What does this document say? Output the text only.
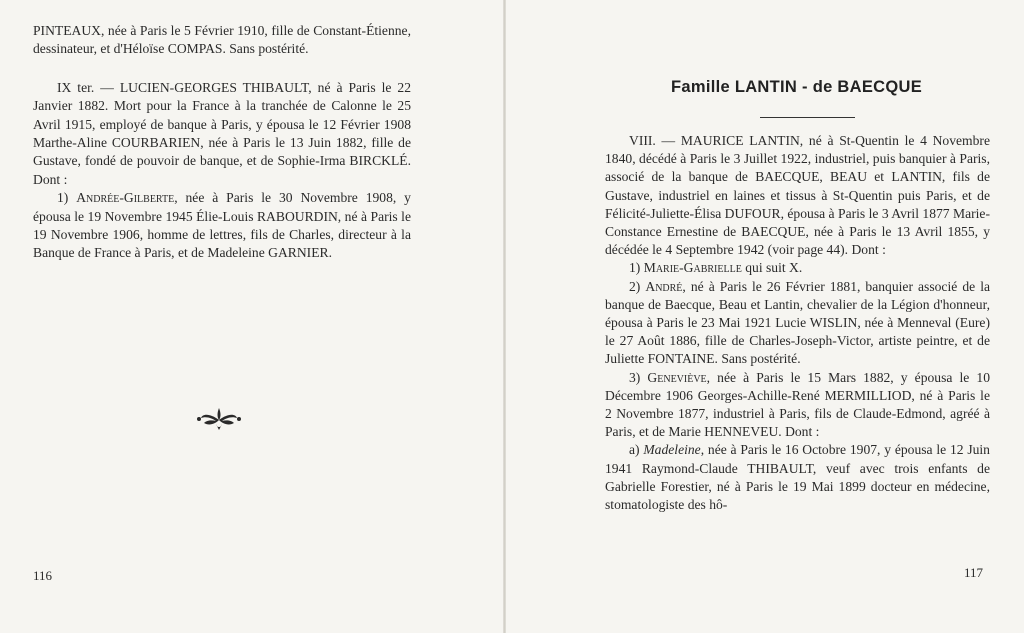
PINTEAUX, née à Paris le 5 Février 1910, fille de Constant-Étienne, dessinateur, et d'Héloïse COMPAS. Sans postérité.

IX ter. — LUCIEN-GEORGES THIBAULT, né à Paris le 22 Janvier 1882. Mort pour la France à la tranchée de Calonne le 25 Avril 1915, employé de banque à Paris, y épousa le 12 Février 1908 Marthe-Aline COURBARIEN, née à Paris le 13 Juin 1882, fille de Gustave, fondé de pouvoir de banque, et de Sophie-Irma BIRCKLÉ. Dont :

1) Andrée-Gilberte, née à Paris le 30 Novembre 1908, y épousa le 19 Novembre 1945 Élie-Louis RABOURDIN, né à Paris le 19 Novembre 1906, homme de lettres, fils de Charles, directeur à la Banque de France à Paris, et de Madeleine GARNIER.

116
Famille LANTIN - de BAECQUE

VIII. — MAURICE LANTIN, né à St-Quentin le 4 Novembre 1840, décédé à Paris le 3 Juillet 1922, industriel, puis banquier à Paris, associé de la banque de BAECQUE, BEAU et LANTIN, fils de Gustave, industriel en laines et tissus à St-Quentin puis Paris, et de Félicité-Juliette-Élisa DUFOUR, épousa à Paris le 3 Avril 1877 Marie-Constance Ernestine de BAECQUE, née à Paris le 13 Avril 1855, y décédée le 4 Septembre 1942 (voir page 44). Dont :

1) Marie-Gabrielle qui suit X.

2) André, né à Paris le 26 Février 1881, banquier associé de la banque de Baecque, Beau et Lantin, chevalier de la Légion d'honneur, épousa à Paris le 23 Mai 1921 Lucie WISLIN, née à Menneval (Eure) le 27 Août 1886, fille de Charles-Joseph-Victor, artiste peintre, et de Juliette FONTAINE. Sans postérité.

3) Geneviève, née à Paris le 15 Mars 1882, y épousa le 10 Décembre 1906 Georges-Achille-René MERMILLIOD, né à Paris le 2 Novembre 1877, industriel à Paris, fils de Claude-Edmond, agréé à Paris, et de Marie HENNEVEU. Dont :

a) Madeleine, née à Paris le 16 Octobre 1907, y épousa le 12 Juin 1941 Raymond-Claude THIBAULT, veuf avec trois enfants de Gabrielle Forestier, né à Paris le 19 Mai 1899 docteur en médecine, stomatologiste des hô-

117
